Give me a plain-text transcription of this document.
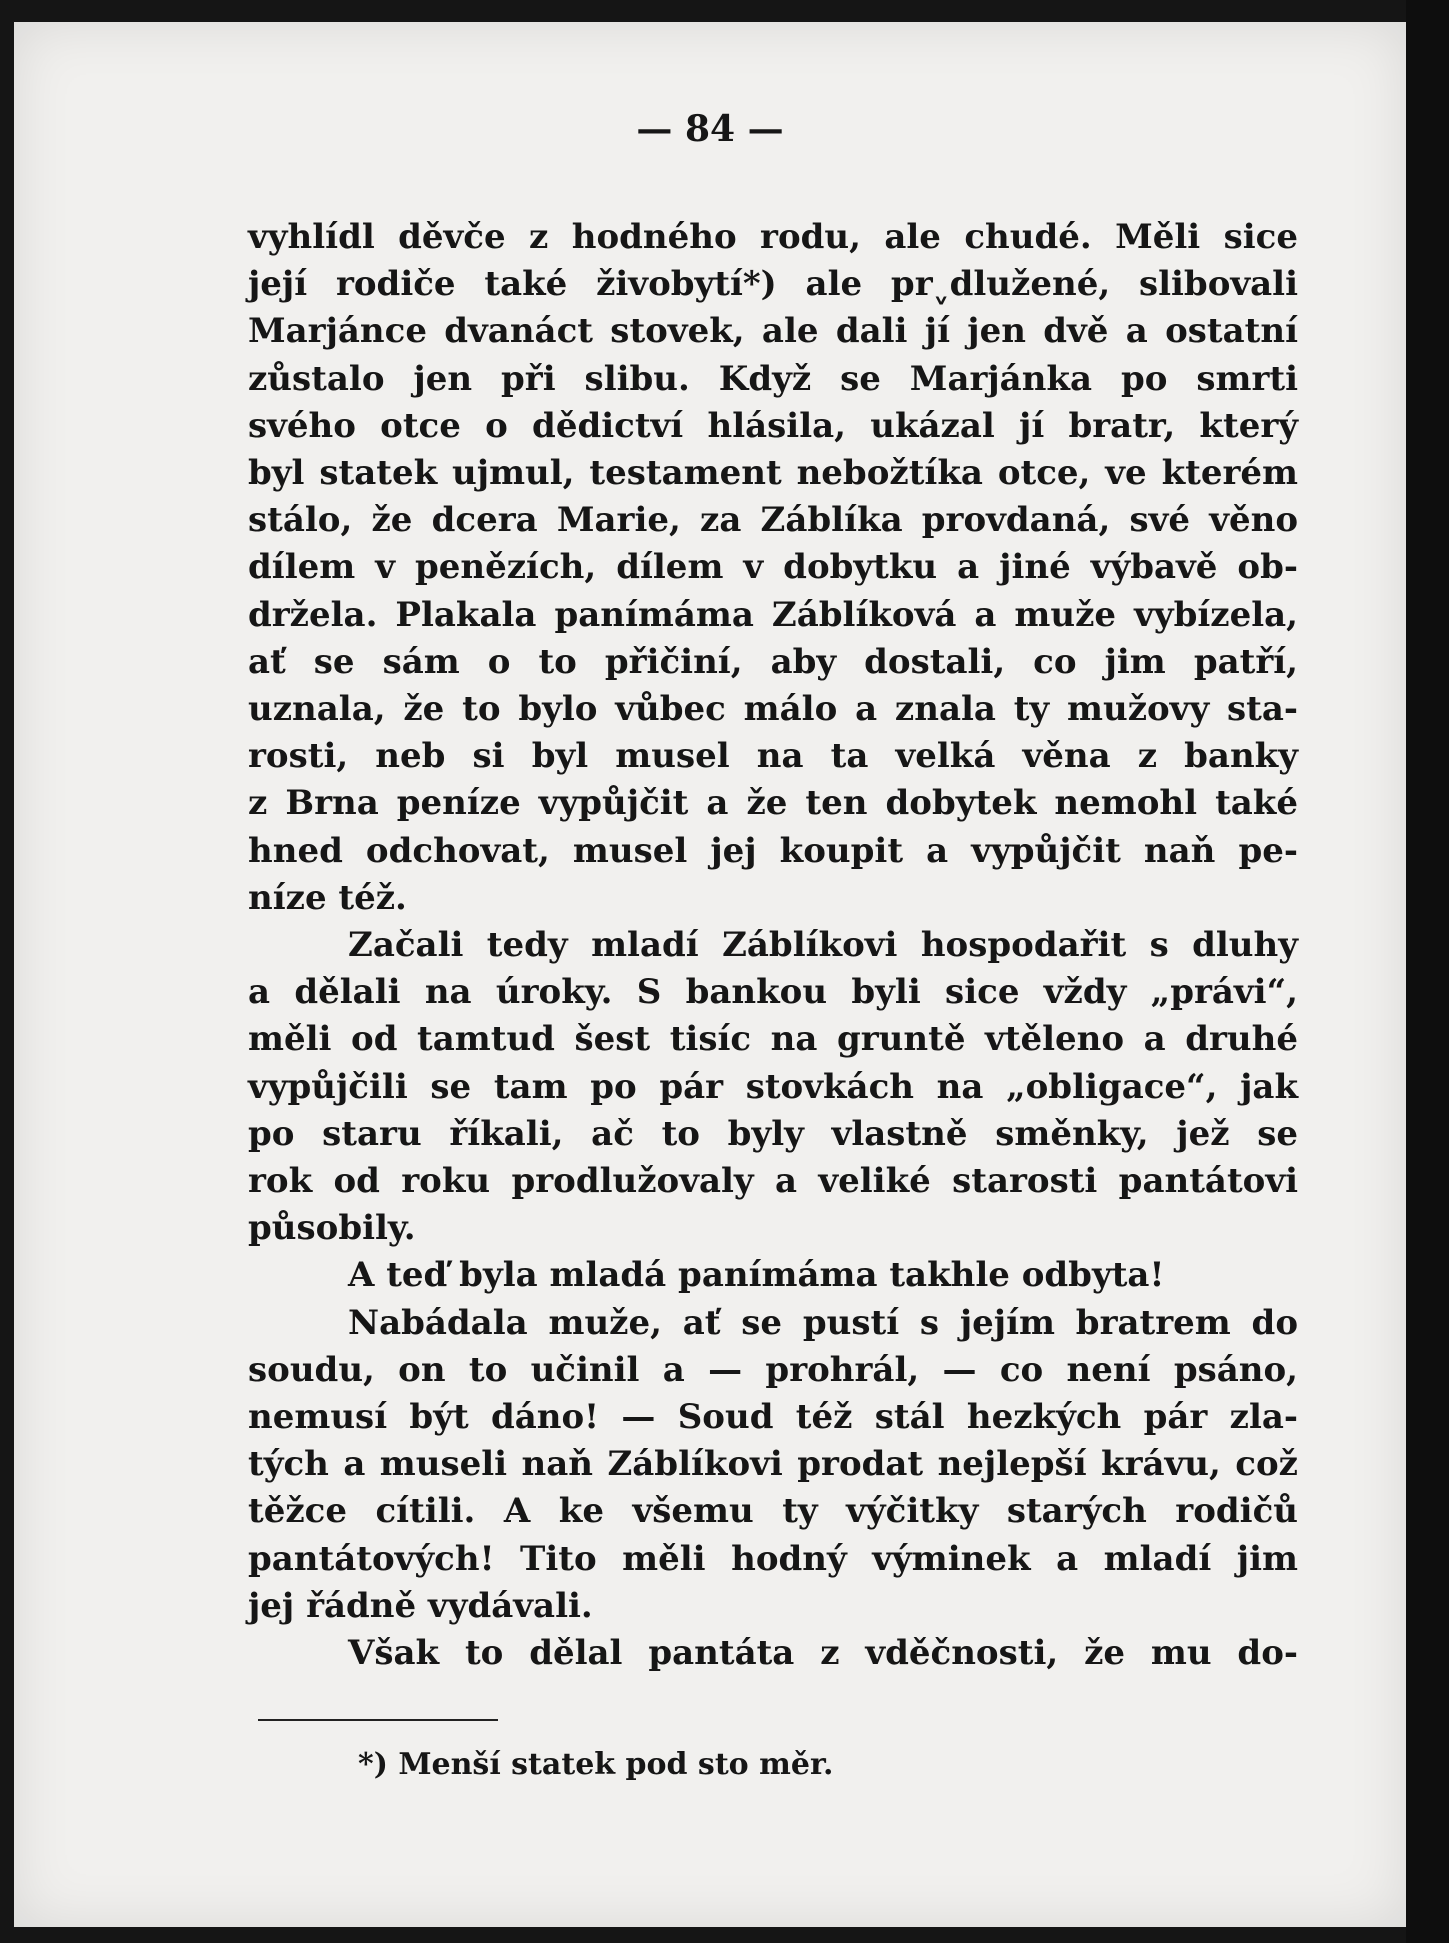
— 84 —
vyhlídl děvče z hodného rodu, ale chudé. Měli sice
její rodiče také živobytí*) ale prˬdlužené, slibovali
Marjánce dvanáct stovek, ale dali jí jen dvě a ostatní
zůstalo jen při slibu. Když se Marjánka po smrti
svého otce o dědictví hlásila, ukázal jí bratr, který
byl statek ujmul, testament nebožtíka otce, ve kterém
stálo, že dcera Marie, za Záblíka provdaná, své věno
dílem v penězích, dílem v dobytku a jiné výbavě ob-
držela. Plakala panímáma Záblíková a muže vybízela,
ať se sám o to přičiní, aby dostali, co jim patří,
uznala, že to bylo vůbec málo a znala ty mužovy sta-
rosti, neb si byl musel na ta velká věna z banky
z Brna peníze vypůjčit a že ten dobytek nemohl také
hned odchovat, musel jej koupit a vypůjčit naň pe-
níze též.
Začali tedy mladí Záblíkovi hospodařit s dluhy
a dělali na úroky. S bankou byli sice vždy „právi“,
měli od tamtud šest tisíc na gruntě vtěleno a druhé
vypůjčili se tam po pár stovkách na „obligace“, jak
po staru říkali, ač to byly vlastně směnky, jež se
rok od roku prodlužovaly a veliké starosti pantátovi
působily.
A teď byla mladá panímáma takhle odbyta!
Nabádala muže, ať se pustí s jejím bratrem do
soudu, on to učinil a — prohrál, — co není psáno,
nemusí být dáno! — Soud též stál hezkých pár zla-
tých a museli naň Záblíkovi prodat nejlepší krávu, což
těžce cítili. A ke všemu ty výčitky starých rodičů
pantátových! Tito měli hodný výminek a mladí jim
jej řádně vydávali.
Však to dělal pantáta z vděčnosti, že mu do-
*) Menší statek pod sto měr.
